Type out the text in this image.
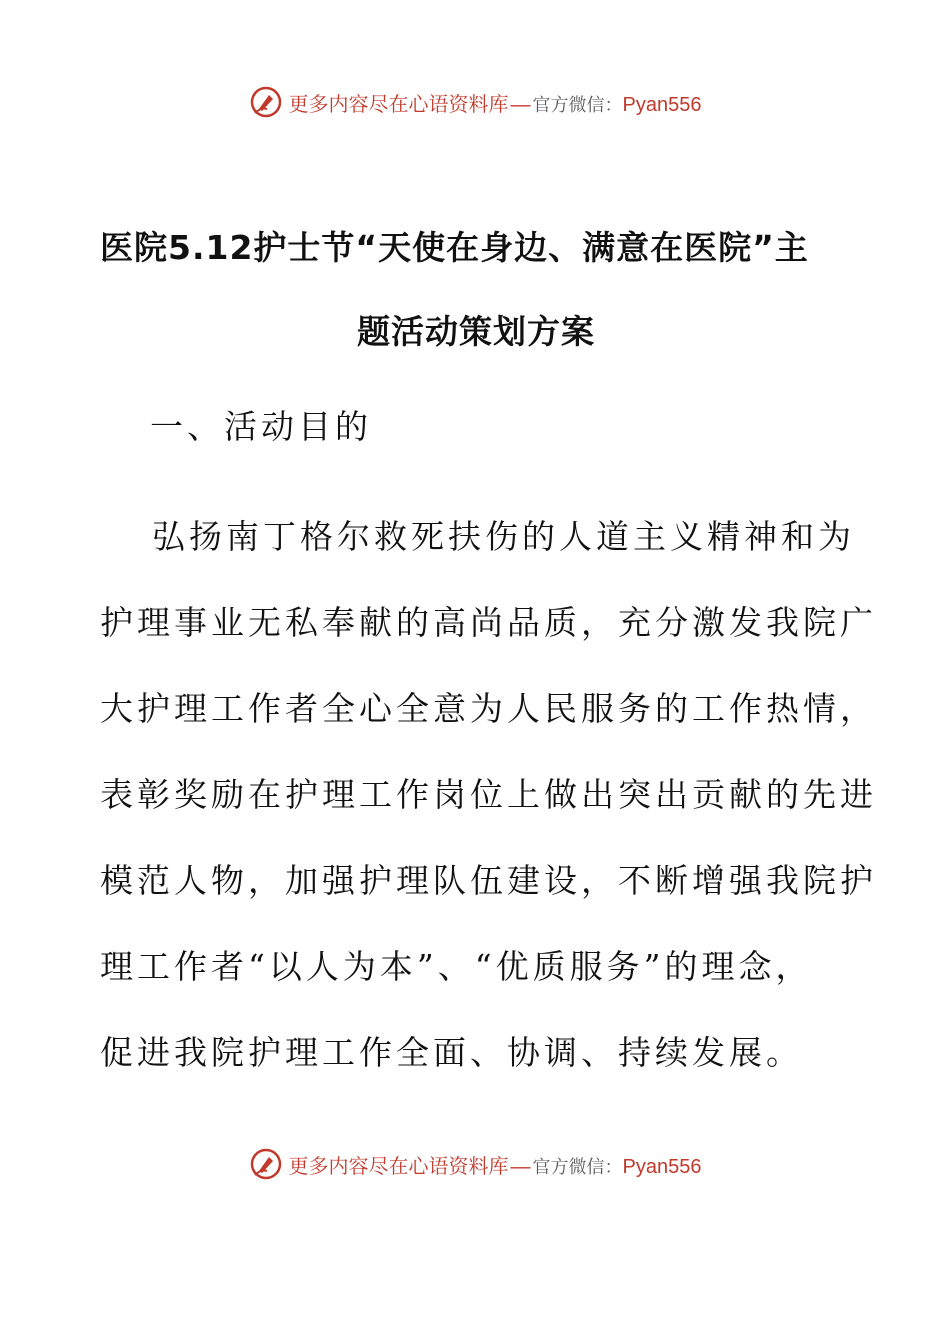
更多内容尽在心语资料库 — 官方微信： Pyan556
医院5.12护士节“天使在身边、满意在医院”主
题活动策划方案
一、活动目的
弘扬南丁格尔救死扶伤的人道主义精神和为
护理事业无私奉献的高尚品质，充分激发我院广
大护理工作者全心全意为人民服务的工作热情，
表彰奖励在护理工作岗位上做出突出贡献的先进
模范人物，加强护理队伍建设，不断增强我院护
理工作者“以人为本”、“优质服务”的理念，
促进我院护理工作全面、协调、持续发展。
更多内容尽在心语资料库 — 官方微信： Pyan556
